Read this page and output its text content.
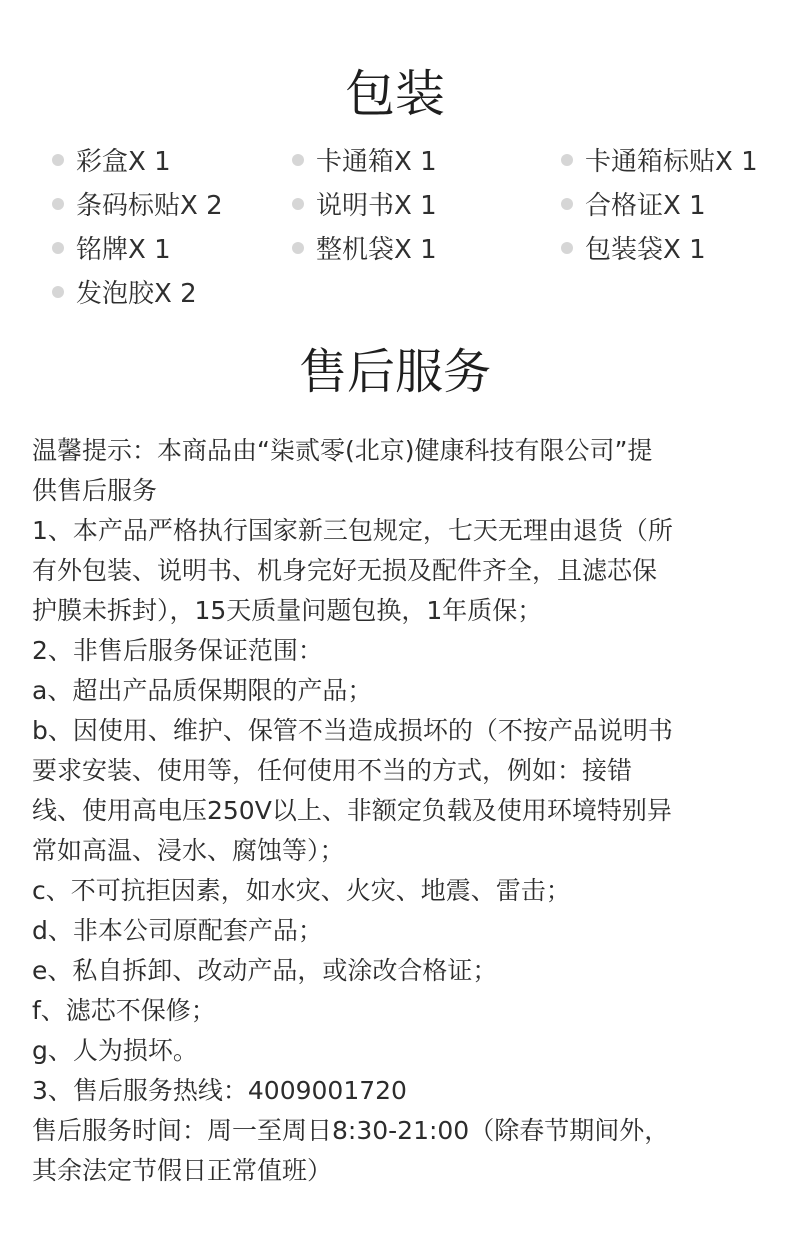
包装
彩盒X 1	卡通箱X 1	卡通箱标贴X 1
条码标贴X 2	说明书X 1	合格证X 1
铭牌X 1	整机袋X 1	包装袋X 1
发泡胶X 2
售后服务
温馨提示：本商品由“柒贰零(北京)健康科技有限公司”提
供售后服务
1、本产品严格执行国家新三包规定，七天无理由退货（所
有外包装、说明书、机身完好无损及配件齐全，且滤芯保
护膜未拆封），15天质量问题包换，1年质保；
2、非售后服务保证范围：
a、超出产品质保期限的产品；
b、因使用、维护、保管不当造成损坏的（不按产品说明书
要求安装、使用等，任何使用不当的方式，例如：接错
线、使用高电压250V以上、非额定负载及使用环境特别异
常如高温、浸水、腐蚀等）；
c、不可抗拒因素，如水灾、火灾、地震、雷击；
d、非本公司原配套产品；
e、私自拆卸、改动产品，或涂改合格证；
f、滤芯不保修；
g、人为损坏。
3、售后服务热线：4009001720
售后服务时间：周一至周日8:30-21:00（除春节期间外，
其余法定节假日正常值班）
